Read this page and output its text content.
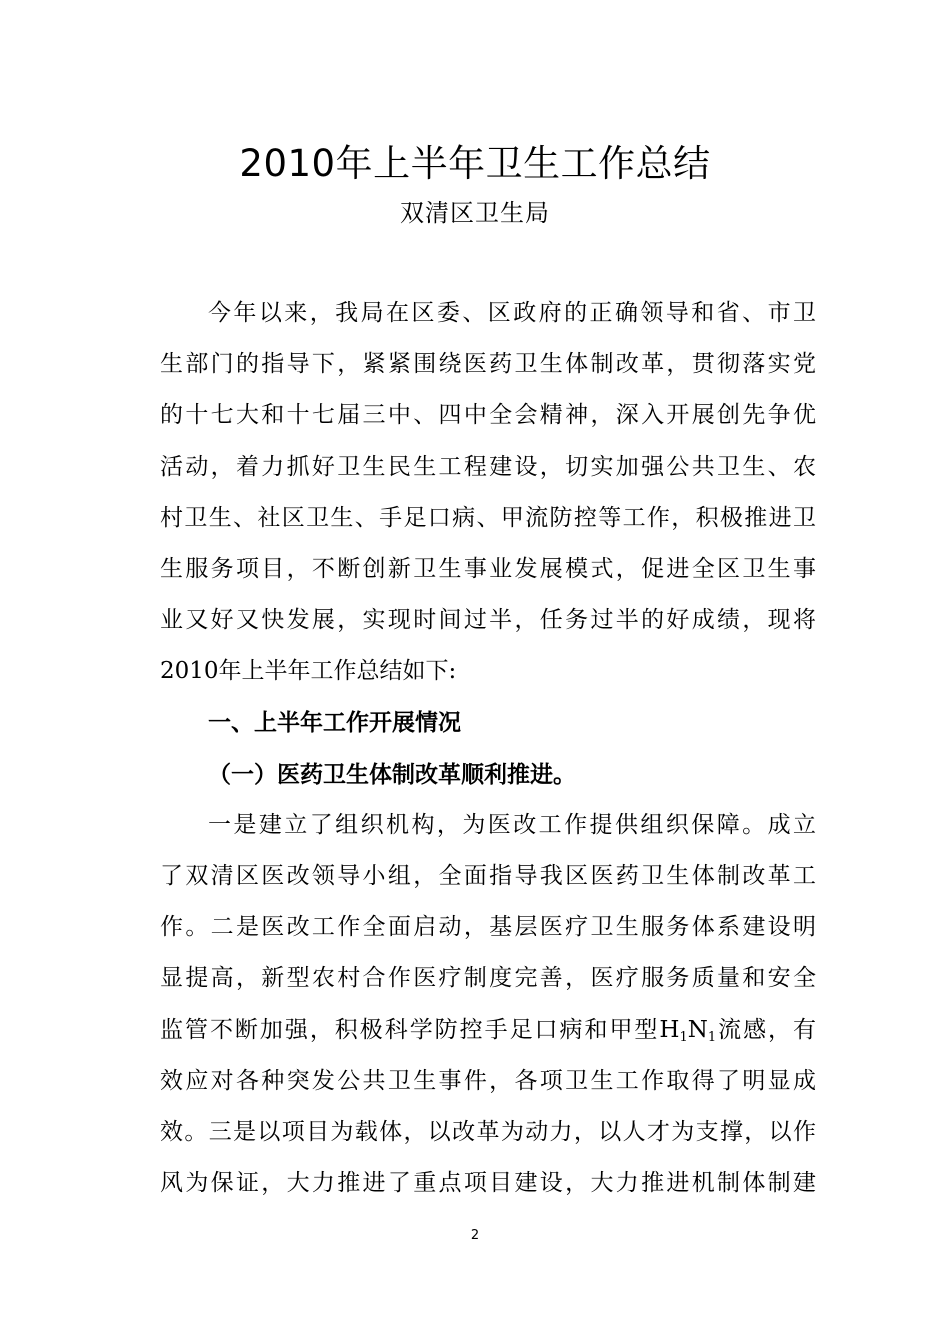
2010年上半年卫生工作总结
双清区卫生局
今年以来，我局在区委、区政府的正确领导和省、市卫
生部门的指导下，紧紧围绕医药卫生体制改革，贯彻落实党
的十七大和十七届三中、四中全会精神，深入开展创先争优
活动，着力抓好卫生民生工程建设，切实加强公共卫生、农
村卫生、社区卫生、手足口病、甲流防控等工作，积极推进卫
生服务项目，不断创新卫生事业发展模式，促进全区卫生事
业又好又快发展，实现时间过半，任务过半的好成绩，现将
2010年上半年工作总结如下:
一、上半年工作开展情况
（一）医药卫生体制改革顺利推进。
一是建立了组织机构，为医改工作提供组织保障。成立
了双清区医改领导小组，全面指导我区医药卫生体制改革工
作。二是医改工作全面启动，基层医疗卫生服务体系建设明
显提高，新型农村合作医疗制度完善，医疗服务质量和安全
监管不断加强，积极科学防控手足口病和甲型$H_1N_1$流感，有
效应对各种突发公共卫生事件，各项卫生工作取得了明显成
效。三是以项目为载体，以改革为动力，以人才为支撑，以作
风为保证，大力推进了重点项目建设，大力推进机制体制建
2
